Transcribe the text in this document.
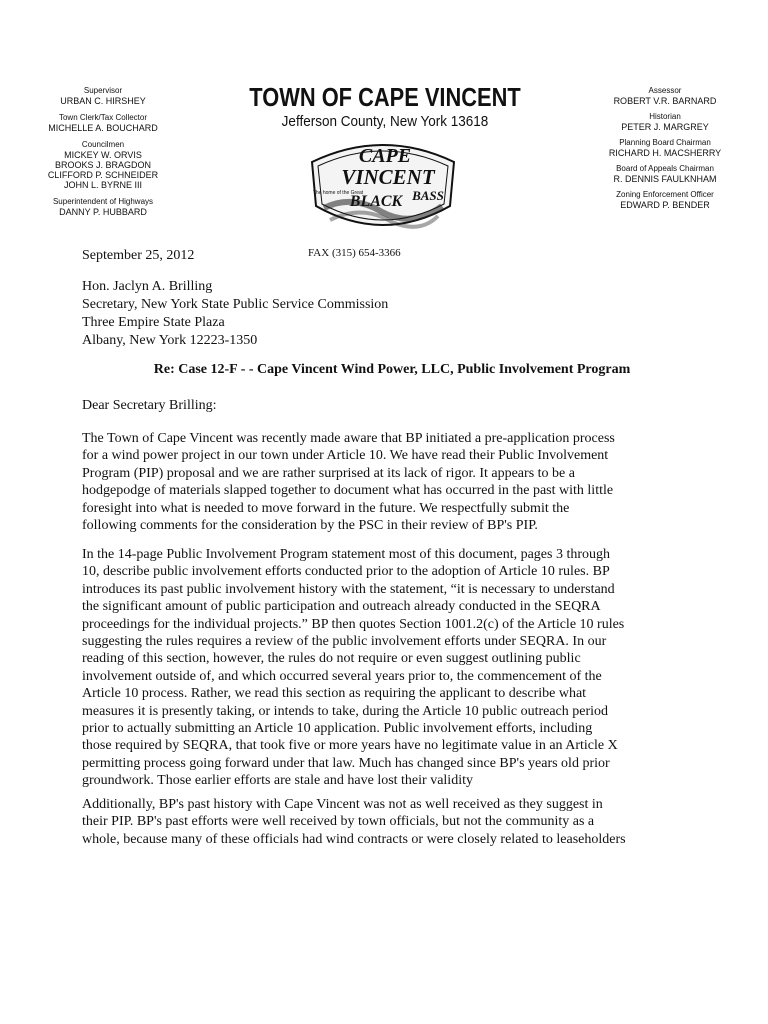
Supervisor
URBAN C. HIRSHEY
Town Clerk/Tax Collector
MICHELLE A. BOUCHARD
Councilmen
MICKEY W. ORVIS
BROOKS J. BRAGDON
CLIFFORD P. SCHNEIDER
JOHN L. BYRNE III
Superintendent of Highways
DANNY P. HUBBARD
TOWN OF CAPE VINCENT
Jefferson County, New York 13618
CAPE
VINCENT
The home of the Great
BLACK BASS
Assessor
ROBERT V.R. BARNARD
Historian
PETER J. MARGREY
Planning Board Chairman
RICHARD H. MACSHERRY
Board of Appeals Chairman
R. DENNIS FAULKNHAM
Zoning Enforcement Officer
EDWARD P. BENDER
September 25, 2012	FAX (315) 654-3366
Hon. Jaclyn A. Brilling
Secretary, New York State Public Service Commission
Three Empire State Plaza
Albany, New York 12223-1350
Re: Case 12-F - - Cape Vincent Wind Power, LLC, Public Involvement Program
Dear Secretary Brilling:
The Town of Cape Vincent was recently made aware that BP initiated a pre-application process
for a wind power project in our town under Article 10. We have read their Public Involvement
Program (PIP) proposal and we are rather surprised at its lack of rigor. It appears to be a
hodgepodge of materials slapped together to document what has occurred in the past with little
foresight into what is needed to move forward in the future. We respectfully submit the
following comments for the consideration by the PSC in their review of BP's PIP.
In the 14-page Public Involvement Program statement most of this document, pages 3 through
10, describe public involvement efforts conducted prior to the adoption of Article 10 rules. BP
introduces its past public involvement history with the statement, “it is necessary to understand
the significant amount of public participation and outreach already conducted in the SEQRA
proceedings for the individual projects.” BP then quotes Section 1001.2(c) of the Article 10 rules
suggesting the rules requires a review of the public involvement efforts under SEQRA. In our
reading of this section, however, the rules do not require or even suggest outlining public
involvement outside of, and which occurred several years prior to, the commencement of the
Article 10 process. Rather, we read this section as requiring the applicant to describe what
measures it is presently taking, or intends to take, during the Article 10 public outreach period
prior to actually submitting an Article 10 application. Public involvement efforts, including
those required by SEQRA, that took five or more years have no legitimate value in an Article X
permitting process going forward under that law. Much has changed since BP's years old prior
groundwork. Those earlier efforts are stale and have lost their validity
Additionally, BP's past history with Cape Vincent was not as well received as they suggest in
their PIP. BP's past efforts were well received by town officials, but not the community as a
whole, because many of these officials had wind contracts or were closely related to leaseholders
